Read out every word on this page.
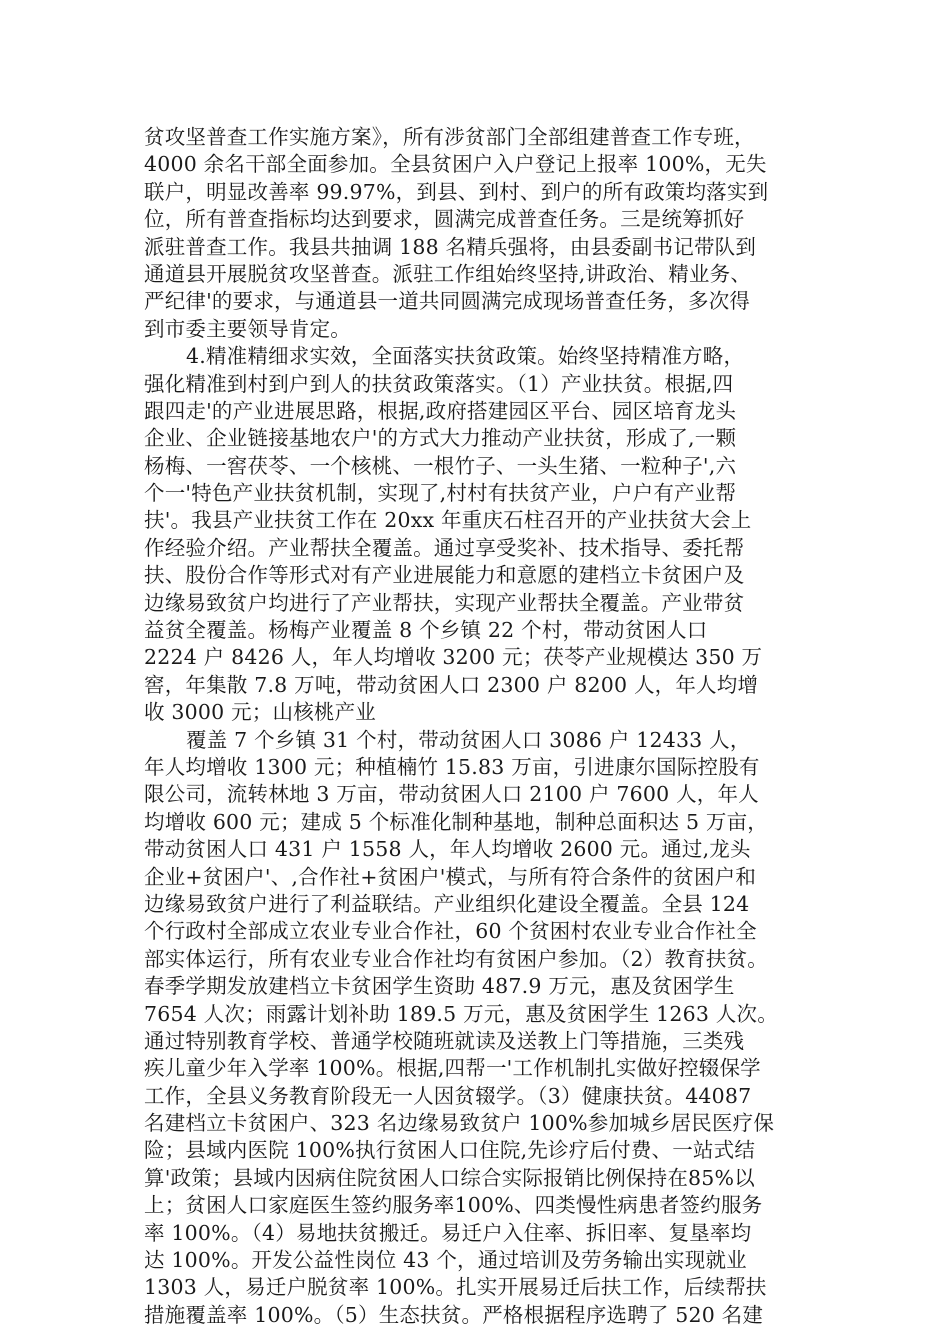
贫攻坚普查工作实施方案》，所有涉贫部门全部组建普查工作专班，
4000 余名干部全面参加。全县贫困户入户登记上报率 100%，无失
联户，明显改善率 99.97%，到县、到村、到户的所有政策均落实到
位，所有普查指标均达到要求，圆满完成普查任务。三是统筹抓好
派驻普查工作。我县共抽调 188 名精兵强将，由县委副书记带队到
通道县开展脱贫攻坚普查。派驻工作组始终坚持,讲政治、精业务、
严纪律'的要求，与通道县一道共同圆满完成现场普查任务，多次得
到市委主要领导肯定。
4.精准精细求实效，全面落实扶贫政策。始终坚持精准方略，
强化精准到村到户到人的扶贫政策落实。（1）产业扶贫。根据,四
跟四走'的产业进展思路，根据,政府搭建园区平台、园区培育龙头
企业、企业链接基地农户'的方式大力推动产业扶贫，形成了,一颗
杨梅、一窖茯苓、一个核桃、一根竹子、一头生猪、一粒种子',六
个一'特色产业扶贫机制，实现了,村村有扶贫产业，户户有产业帮
扶'。我县产业扶贫工作在 20xx 年重庆石柱召开的产业扶贫大会上
作经验介绍。产业帮扶全覆盖。通过享受奖补、技术指导、委托帮
扶、股份合作等形式对有产业进展能力和意愿的建档立卡贫困户及
边缘易致贫户均进行了产业帮扶，实现产业帮扶全覆盖。产业带贫
益贫全覆盖。杨梅产业覆盖 8 个乡镇 22 个村，带动贫困人口
2224 户 8426 人，年人均增收 3200 元；茯苓产业规模达 350 万
窖，年集散 7.8 万吨，带动贫困人口 2300 户 8200 人，年人均增
收 3000 元；山核桃产业
覆盖 7 个乡镇 31 个村，带动贫困人口 3086 户 12433 人，
年人均增收 1300 元；种植楠竹 15.83 万亩，引进康尔国际控股有
限公司，流转林地 3 万亩，带动贫困人口 2100 户 7600 人，年人
均增收 600 元；建成 5 个标准化制种基地，制种总面积达 5 万亩，
带动贫困人口 431 户 1558 人，年人均增收 2600 元。通过,龙头
企业+贫困户'、,合作社+贫困户'模式，与所有符合条件的贫困户和
边缘易致贫户进行了利益联结。产业组织化建设全覆盖。全县 124
个行政村全部成立农业专业合作社，60 个贫困村农业专业合作社全
部实体运行，所有农业专业合作社均有贫困户参加。（2）教育扶贫。
春季学期发放建档立卡贫困学生资助 487.9 万元，惠及贫困学生
7654 人次；雨露计划补助 189.5 万元，惠及贫困学生 1263 人次。
通过特别教育学校、普通学校随班就读及送教上门等措施，三类残
疾儿童少年入学率 100%。根据,四帮一'工作机制扎实做好控辍保学
工作，全县义务教育阶段无一人因贫辍学。（3）健康扶贫。44087
名建档立卡贫困户、323 名边缘易致贫户 100%参加城乡居民医疗保
险；县域内医院 100%执行贫困人口住院,先诊疗后付费、一站式结
算'政策；县域内因病住院贫困人口综合实际报销比例保持在85%以
上；贫困人口家庭医生签约服务率100%、四类慢性病患者签约服务
率 100%。（4）易地扶贫搬迁。易迁户入住率、拆旧率、复垦率均
达 100%。开发公益性岗位 43 个，通过培训及劳务输出实现就业
1303 人，易迁户脱贫率 100%。扎实开展易迁后扶工作，后续帮扶
措施覆盖率 100%。（5）生态扶贫。严格根据程序选聘了 520 名建
